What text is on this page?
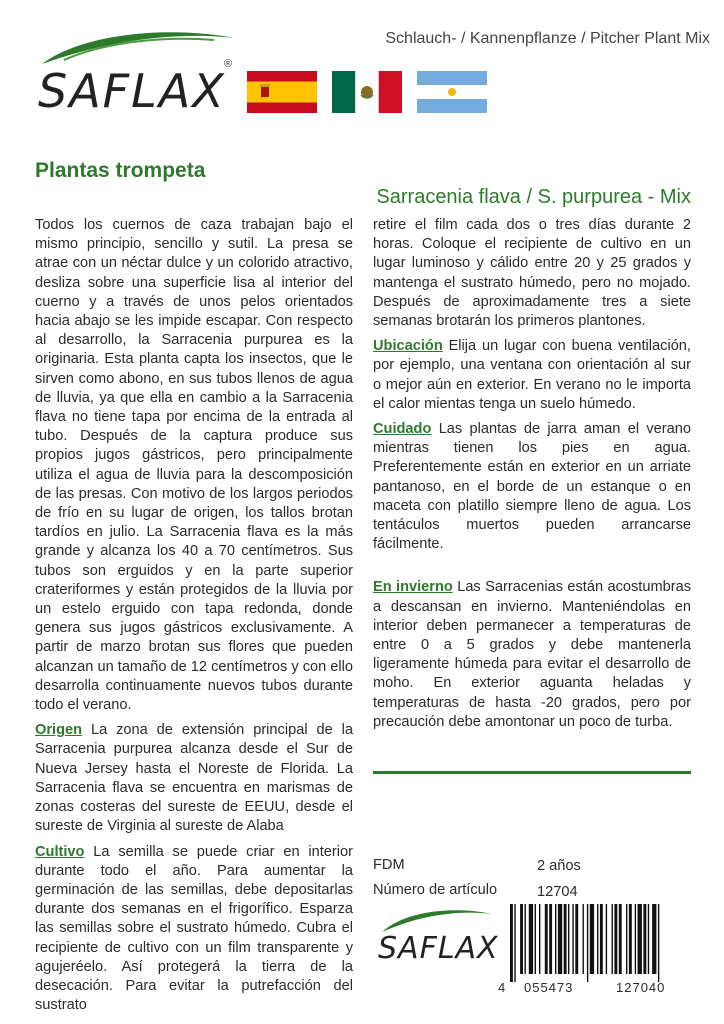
SAFLAX
®
Schlauch- / Kannenpflanze / Pitcher Plant Mix
Plantas trompeta
Sarracenia flava / S. purpurea - Mix

Todos los cuernos de caza trabajan bajo el mismo principio, sencillo y sutil. La presa se atrae con un néctar dulce y un colorido atractivo, desliza sobre una superficie lisa al interior del cuerno y a través de unos pelos orientados hacia abajo se les impide escapar. Con respecto al desarrollo, la Sarracenia purpurea es la originaria. Esta planta capta los insectos, que le sirven como abono, en sus tubos llenos de agua de lluvia, ya que ella en cambio a la Sarracenia flava no tiene tapa por encima de la entrada al tubo. Después de la captura produce sus propios jugos gástricos, pero principalmente utiliza el agua de lluvia para la descomposición de las presas. Con motivo de los largos periodos de frío en su lugar de origen, los tallos brotan tardíos en julio. La Sarracenia flava es la más grande y alcanza los 40 a 70 centímetros. Sus tubos son erguidos y en la parte superior crateriformes y están protegidos de la lluvia por un estelo erguido con tapa redonda, donde genera sus jugos gástricos exclusivamente. A partir de marzo brotan sus flores que pueden alcanzan un tamaño de 12 centímetros y con ello desarrolla continuamente nuevos tubos durante todo el verano.

Origen La zona de extensión principal de la Sarracenia purpurea alcanza desde el Sur de Nueva Jersey hasta el Noreste de Florida. La Sarracenia flava se encuentra en marismas de zonas costeras del sureste de EEUU, desde el sureste de Virginia al sureste de Alaba

Cultivo La semilla se puede criar en interior durante todo el año. Para aumentar la germinación de las semillas, debe depositarlas durante dos semanas en el frigorífico. Esparza las semillas sobre el sustrato húmedo. Cubra el recipiente de cultivo con un film transparente y agujeréelo. Así protegerá la tierra de la desecación. Para evitar la putrefacción del sustrato

retire el film cada dos o tres días durante 2 horas. Coloque el recipiente de cultivo en un lugar luminoso y cálido entre 20 y 25 grados y mantenga el sustrato húmedo, pero no mojado. Después de aproximadamente tres a siete semanas brotarán los primeros plantones.

Ubicación Elija un lugar con buena ventilación, por ejemplo, una ventana con orientación al sur o mejor aún en exterior. En verano no le importa el calor mientas tenga un suelo húmedo.

Cuidado Las plantas de jarra aman el verano mientras tienen los pies en agua. Preferentemente están en exterior en un arriate pantanoso, en el borde de un estanque o en maceta con platillo siempre lleno de agua. Los tentáculos muertos pueden arrancarse fácilmente.

En invierno Las Sarracenias están acostumbras a descansan en invierno. Manteniéndolas en interior deben permanecer a temperaturas de entre 0 a 5 grados y debe mantenerla ligeramente húmeda para evitar el desarrollo de moho. En exterior aguanta heladas y temperaturas de hasta -20 grados, pero por precaución debe amontonar un poco de turba.

FDM	2 años
Número de artículo	12704
SAFLAX
4 055473	127040
